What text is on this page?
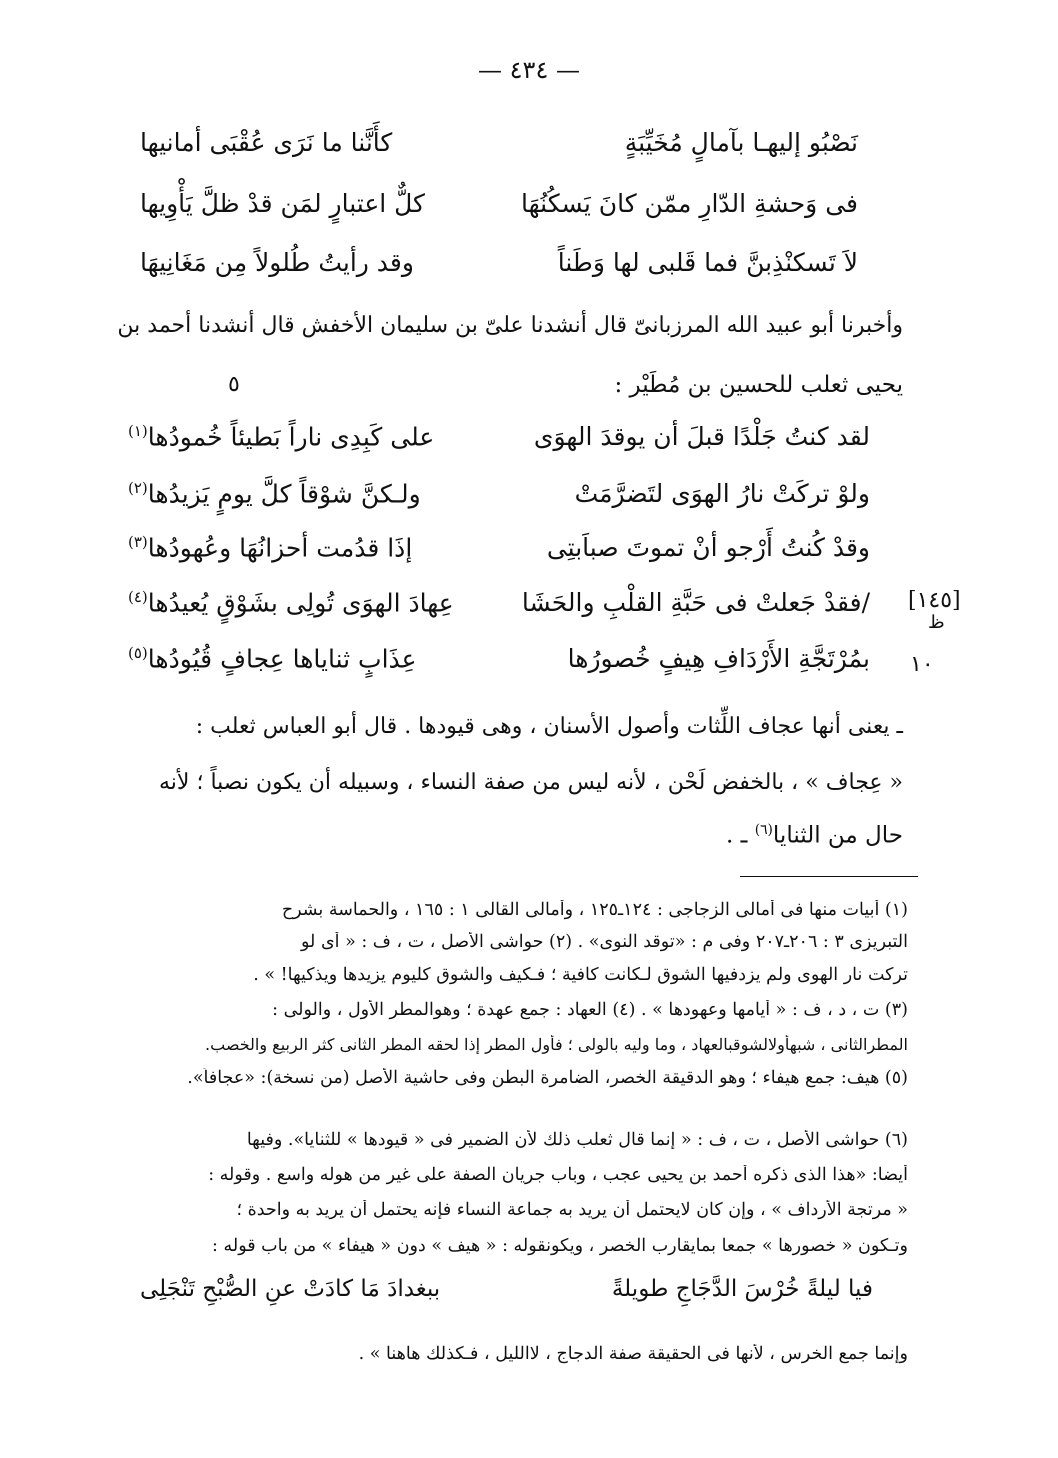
— ٤٣٤ —
نَصْبُو إليهـا بآمالٍ مُخَيِّبَةٍ
كأَنَّنا ما نَرَى عُقْبَى أمانيها
فى وَحشةِ الدّارِ ممّن كانَ يَسكُنُهَا
كلٌّ اعتبارٍ لمَن قدْ ظلَّ يَأْوِيها
لاَ تَسكنْذِبنَّ فما قَلبى لها وَطَناً
وقد رأيتُ طُلولاً مِن مَغَانِيهَا
وأخبرنا أبو عبيد الله المرزبانىّ قال أنشدنا علىّ بن سليمان الأخفش قال أنشدنا أحمد بن
يحيى ثعلب للحسين بن مُطَيْر :
٥
لقد كنتُ جَلْدًا قبلَ أن يوقدَ الهوَى
على كَبِدِى ناراً بَطيئاً خُمودُها$^{(١)}$
ولوْ تركَتْ نارُ الهوَى لتَضرَّمَتْ
ولـكنَّ شوْقاً كلَّ يومٍ يَزيدُها$^{(٢)}$
وقدْ كُنتُ أَرْجو أنْ تموتَ صباَبتِى
إذَا قدُمت أحزانُهَا وعُهودُها$^{(٣)}$
/فقدْ جَعلتْ فى حَبَّةِ القلْبِ والحَشَا
عِهادَ الهوَى تُولِى بشَوْقٍ يُعيدُها$^{(٤)}$	[١٤٥]
ظ
بمُرْتَجَّةِ الأَرْدَافِ هِيفٍ خُصورُها
عِذَابٍ ثناياها عِجافٍ قُيُودُها$^{(٥)}$	١٠
ـ يعنى أنها عجاف اللِّثات وأصول الأسنان ، وهى قيودها . قال أبو العباس ثعلب :
« عِجاف » ، بالخفض لَحْن ، لأنه ليس من صفة النساء ، وسبيله أن يكون نصباً ؛ لأنه
حال من الثنايا$^{(٦)}$ ـ .
(١) أبيات منها فى أمالى الزجاجى : ١٢٤ـ١٢٥ ، وأمالى القالى ١ : ١٦٥ ، والحماسة بشرح
التبريزى ٣ : ٢٠٦ـ٢٠٧ وفى م : «توقد النوى» . (٢) حواشى الأصل ، ت ، ف : « أى لو
تركت نار الهوى ولم يزدفيها الشوق لـكانت كافية ؛ فـكيف والشوق كليوم يزيدها ويذكيها! » .
(٣) ت ، د ، ف : « أيامها وعهودها » . (٤) العهاد : جمع عهدة ؛ وهوالمطر الأول ، والولى :
المطرالثانى ، شبهأولالشوقبالعهاد ، وما وليه بالولى ؛ فأول المطر إذا لحقه المطر الثانى كثر الربيع والخصب.
(٥) هيف: جمع هيفاء ؛ وهو الدقيقة الخصر، الضامرة البطن وفى حاشية الأصل (من نسخة): «عجافاً».
(٦) حواشى الأصل ، ت ، ف : « إنما قال ثعلب ذلك لأن الضمير فى « قيودها » للثنايا». وفيها
أيضا: «هذا الذى ذكره أحمد بن يحيى عجب ، وباب جريان الصفة على غير من هوله واسع . وقوله :
« مرتجة الأرداف » ، وإن كان لايحتمل أن يريد به جماعة النساء فإنه يحتمل أن يريد به واحدة ؛
وتـكون « خصورها » جمعا بمايقارب الخصر ، ويكونقوله : « هيف » دون « هيفاء » من باب قوله :
فيا ليلةً خُرْسَ الدَّجَاجِ طويلةً
ببغدادَ مَا كادَتْ عنِ الصُّبْحِ تَنْجَلِى
وإنما جمع الخرس ، لأنها فى الحقيقة صفة الدجاج ، لاالليل ، فـكذلك هاهنا » .
